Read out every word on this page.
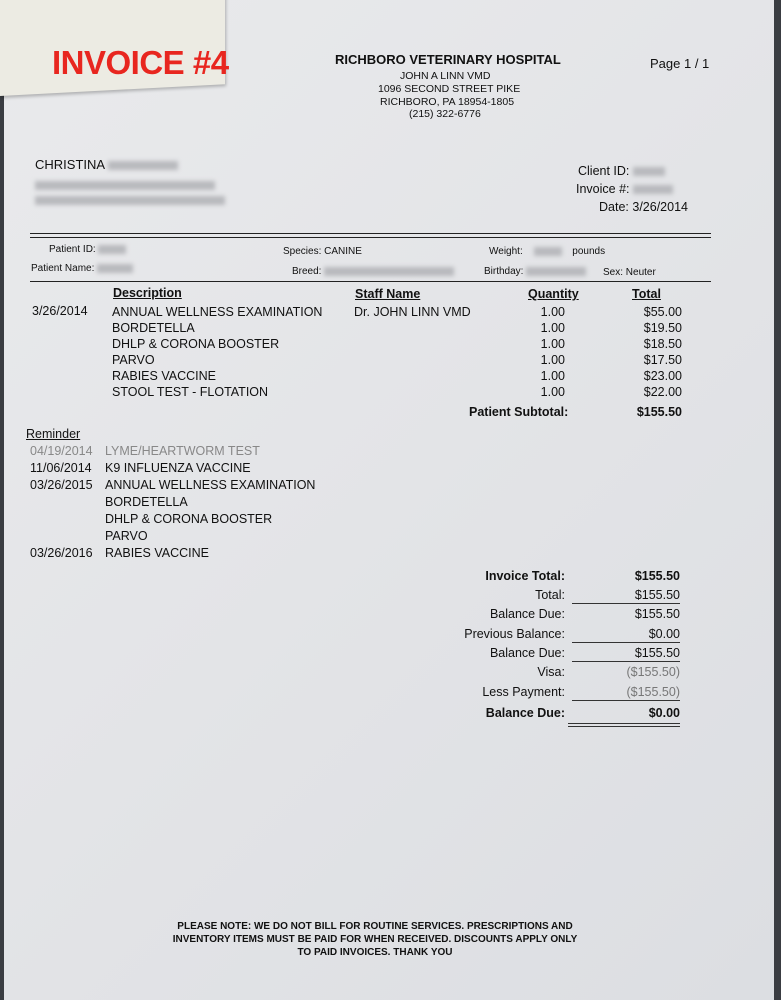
INVOICE #4	RICHBORO VETERINARY HOSPITAL
JOHN A LINN VMD
1096 SECOND STREET PIKE
RICHBORO, PA 18954-1805
(215) 322-6776
Page 1 / 1
CHRISTINA	Client ID:
Invoice #:
Date: 3/26/2014
Patient ID:	Species: CANINE	Weight:	pounds
Patient Name:	Breed:	Birthday:	Sex: Neuter
Description	Staff Name	Quantity	Total
3/26/2014 ANNUAL WELLNESS EXAMINATION	Dr. JOHN LINN VMD	1.00	$55.00
BORDETELLA	1.00	$19.50
DHLP & CORONA BOOSTER	1.00	$18.50
PARVO	1.00	$17.50
RABIES VACCINE	1.00	$23.00
STOOL TEST - FLOTATION	1.00	$22.00
Patient Subtotal:	$155.50
Reminder
04/19/2014 LYME/HEARTWORM TEST
11/06/2014 K9 INFLUENZA VACCINE
03/26/2015 ANNUAL WELLNESS EXAMINATION
BORDETELLA
DHLP & CORONA BOOSTER
PARVO
03/26/2016 RABIES VACCINE
Invoice Total:	$155.50
Total:	$155.50
Balance Due:	$155.50
Previous Balance:	$0.00
Balance Due:	$155.50
Visa:	($155.50)
Less Payment:	($155.50)
Balance Due:	$0.00
PLEASE NOTE: WE DO NOT BILL FOR ROUTINE SERVICES. PRESCRIPTIONS AND INVENTORY ITEMS MUST BE PAID FOR WHEN RECEIVED. DISCOUNTS APPLY ONLY TO PAID INVOICES. THANK YOU
